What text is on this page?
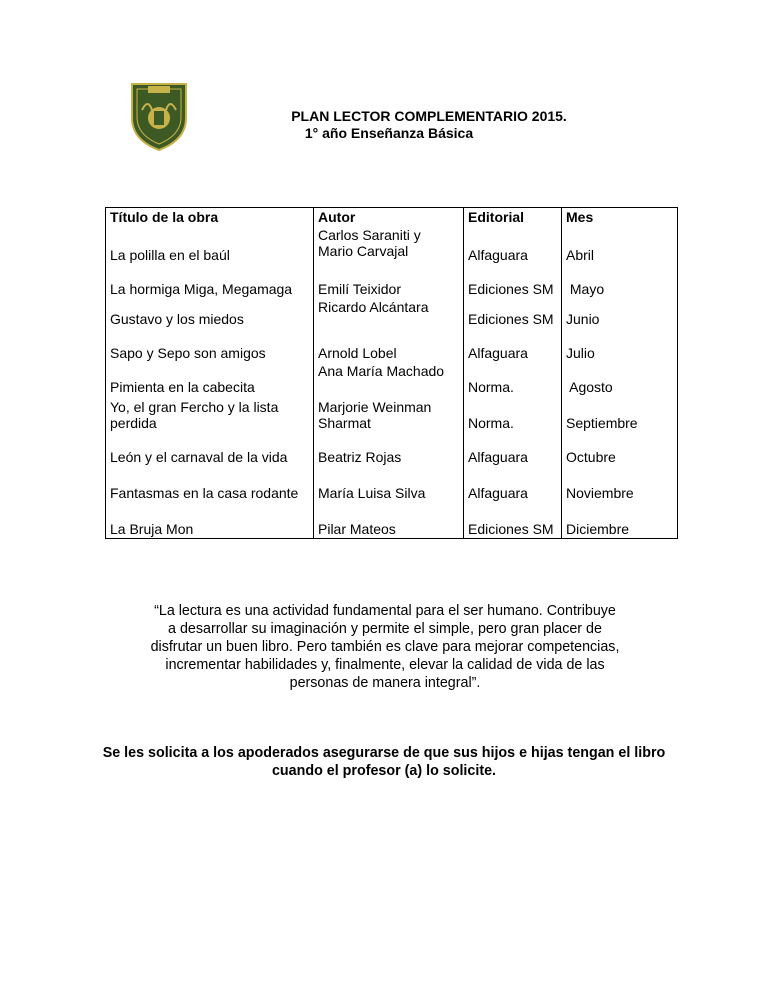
PLAN LECTOR COMPLEMENTARIO 2015.
1° año Enseñanza Básica
Título de la obra	Autor	Editorial	Mes
La polilla en el baúl	Carlos Saraniti y Mario Carvajal	Alfaguara	Abril
La hormiga Miga, Megamaga	Emilí Teixidor	Ediciones SM	Mayo
Gustavo y los miedos	Ricardo Alcántara	Ediciones SM	Junio
Sapo y Sepo son amigos	Arnold Lobel	Alfaguara	Julio
Pimienta en la cabecita	Ana María Machado	Norma.	Agosto
Yo, el gran Fercho y la lista perdida	Marjorie Weinman Sharmat	Norma.	Septiembre
León y el carnaval de la vida	Beatriz Rojas	Alfaguara	Octubre
Fantasmas en la casa rodante	María Luisa Silva	Alfaguara	Noviembre
La Bruja Mon	Pilar Mateos	Ediciones SM	Diciembre
“La lectura es una actividad fundamental para el ser humano. Contribuye a desarrollar su imaginación y permite el simple, pero gran placer de disfrutar un buen libro. Pero también es clave para mejorar competencias, incrementar habilidades y, finalmente, elevar la calidad de vida de las personas de manera integral”.
Se les solicita a los apoderados asegurarse de que sus hijos e hijas tengan el libro cuando el profesor (a) lo solicite.
